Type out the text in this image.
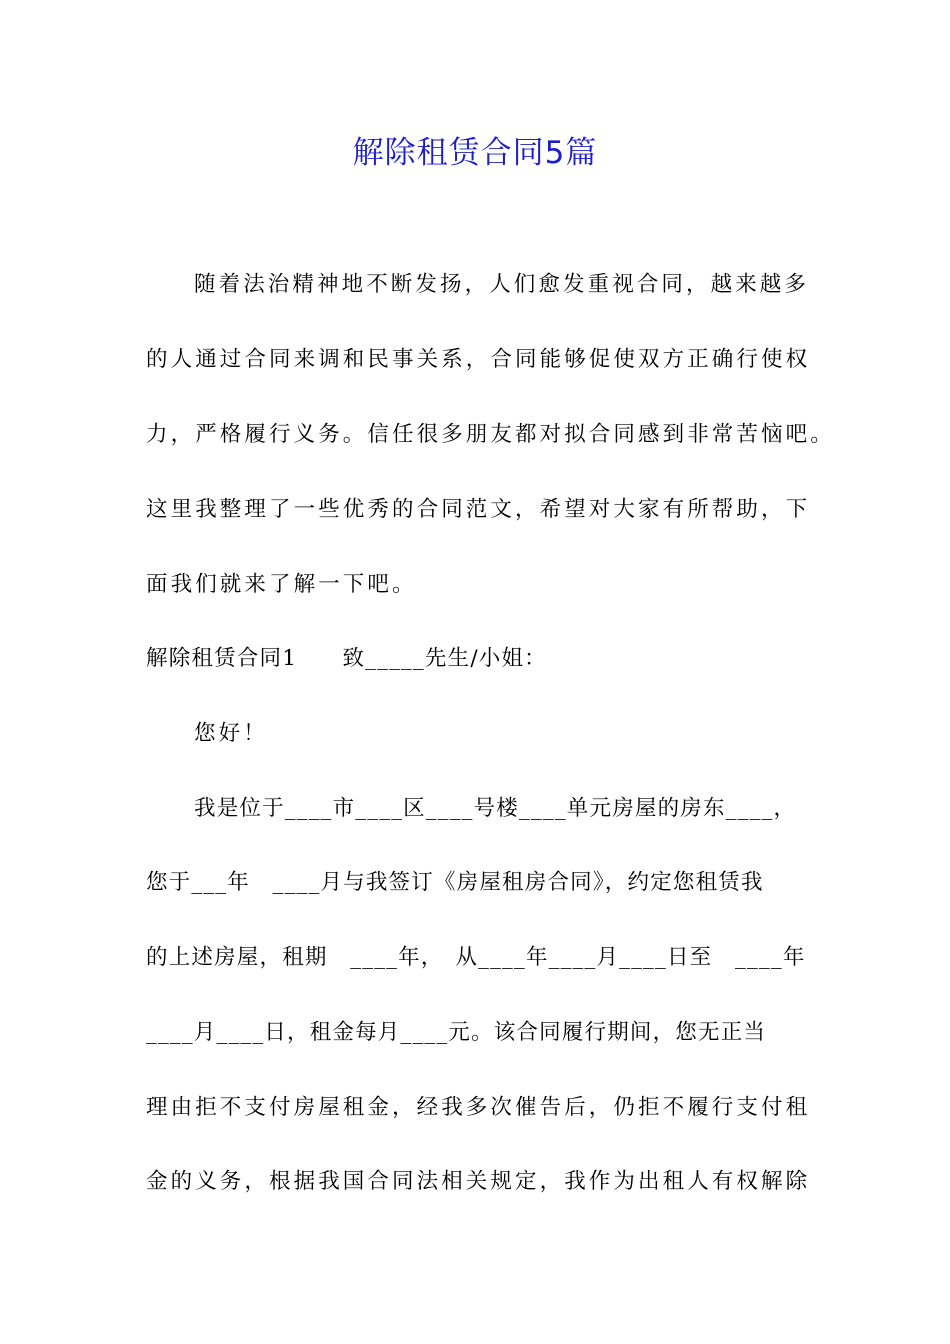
解除租赁合同5篇
随着法治精神地不断发扬，人们愈发重视合同，越来越多
的人通过合同来调和民事关系，合同能够促使双方正确行使权
力，严格履行义务。信任很多朋友都对拟合同感到非常苦恼吧。
这里我整理了一些优秀的合同范文，希望对大家有所帮助，下
面我们就来了解一下吧。
解除租赁合同1　　致_____先生/小姐：
您好！
我是位于____市____区____号楼____单元房屋的房东____，
您于___年　____月与我签订《房屋租房合同》，约定您租赁我
的上述房屋，租期　____年，　从____年____月____日至　____年
____月____日，租金每月____元。该合同履行期间，您无正当
理由拒不支付房屋租金，经我多次催告后，仍拒不履行支付租
金的义务，根据我国合同法相关规定，我作为出租人有权解除
